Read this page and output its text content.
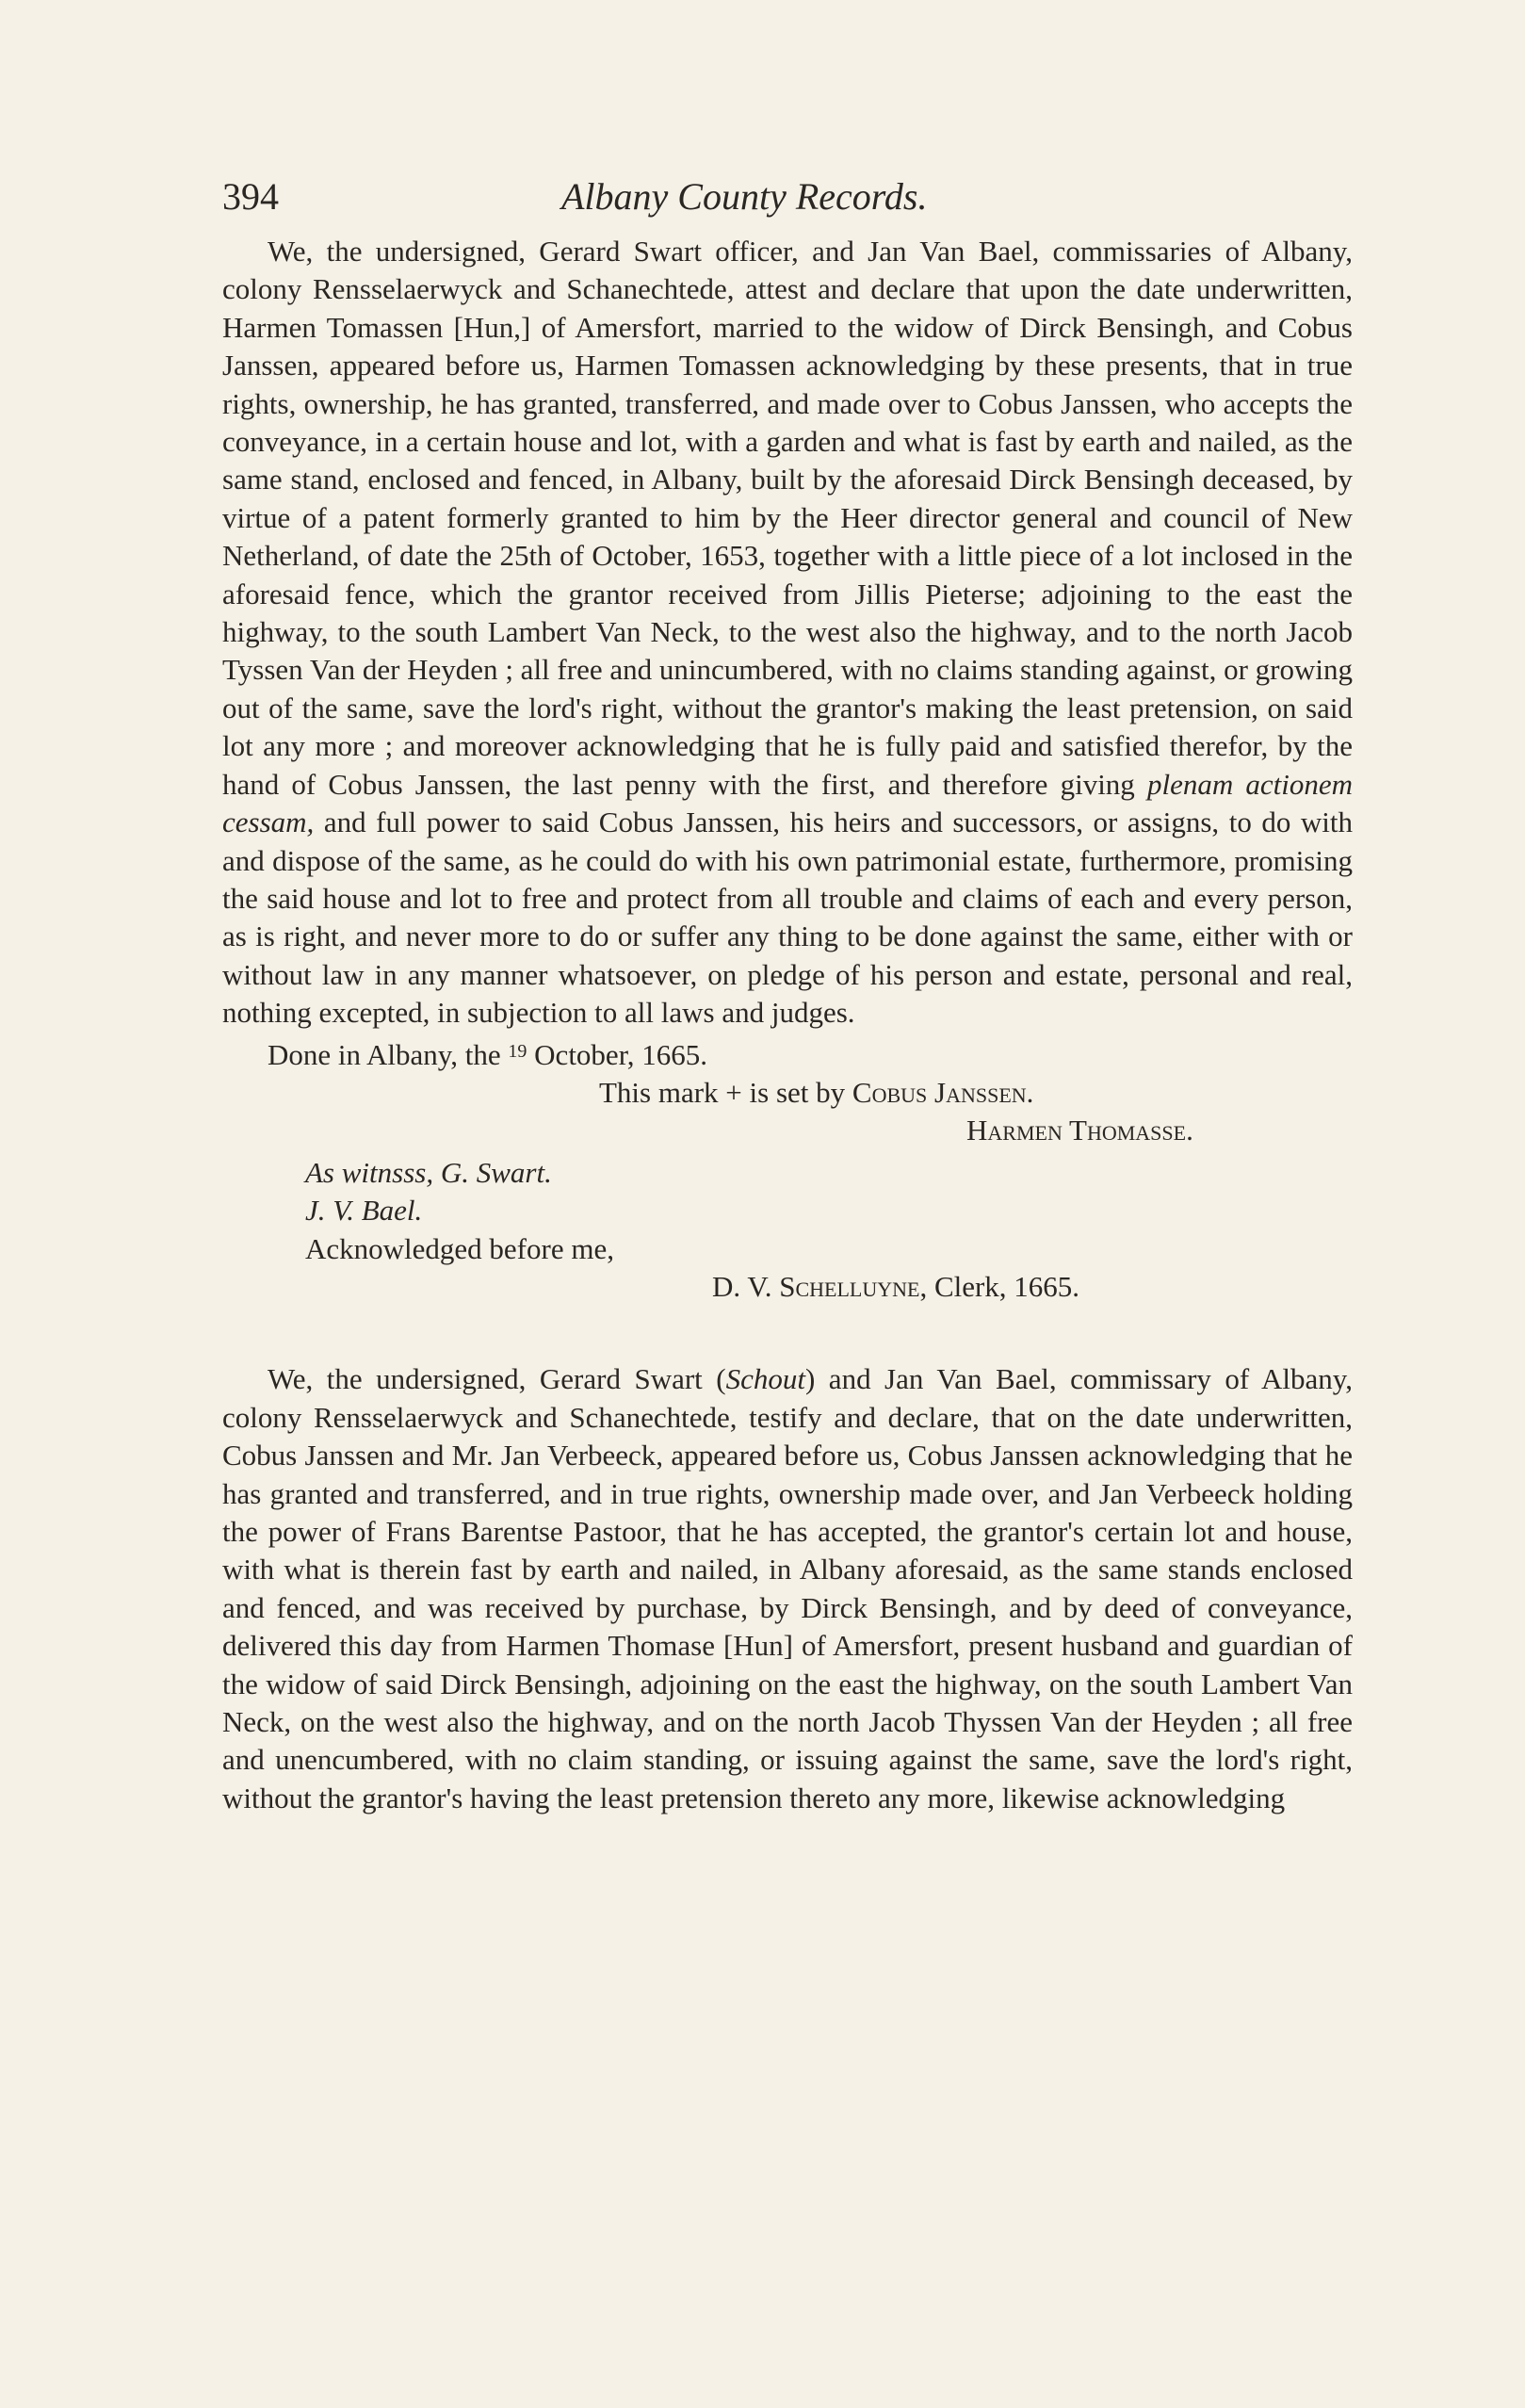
394	Albany County Records.

We, the undersigned, Gerard Swart officer, and Jan Van Bael, commissaries of Albany, colony Rensselaerwyck and Schanechtede, attest and declare that upon the date underwritten, Harmen Tomassen [Hun,] of Amersfort, married to the widow of Dirck Bensingh, and Cobus Janssen, appeared before us, Harmen Tomassen acknowledging by these presents, that in true rights, ownership, he has granted, transferred, and made over to Cobus Janssen, who accepts the conveyance, in a certain house and lot, with a garden and what is fast by earth and nailed, as the same stand, enclosed and fenced, in Albany, built by the aforesaid Dirck Bensingh deceased, by virtue of a patent formerly granted to him by the Heer director general and council of New Netherland, of date the 25th of October, 1653, together with a little piece of a lot inclosed in the aforesaid fence, which the grantor received from Jillis Pieterse; adjoining to the east the highway, to the south Lambert Van Neck, to the west also the highway, and to the north Jacob Tyssen Van der Heyden ; all free and unincumbered, with no claims standing against, or growing out of the same, save the lord's right, without the grantor's making the least pretension, on said lot any more ; and moreover acknowledging that he is fully paid and satisfied therefor, by the hand of Cobus Janssen, the last penny with the first, and therefore giving plenam actionem cessam, and full power to said Cobus Janssen, his heirs and successors, or assigns, to do with and dispose of the same, as he could do with his own patrimonial estate, furthermore, promising the said house and lot to free and protect from all trouble and claims of each and every person, as is right, and never more to do or suffer any thing to be done against the same, either with or without law in any manner whatsoever, on pledge of his person and estate, personal and real, nothing excepted, in subjection to all laws and judges.

Done in Albany, the $^{19}$ October, 1665.
This mark + is set by Cobus Janssen.
Harmen Thomasse.
As witnsss, G. Swart.
J. V. Bael.
Acknowledged before me,
D. V. Schelluyne, Clerk, 1665.

We, the undersigned, Gerard Swart (Schout) and Jan Van Bael, commissary of Albany, colony Rensselaerwyck and Schanechtede, testify and declare, that on the date underwritten, Cobus Janssen and Mr. Jan Verbeeck, appeared before us, Cobus Janssen acknowledging that he has granted and transferred, and in true rights, ownership made over, and Jan Verbeeck holding the power of Frans Barentse Pastoor, that he has accepted, the grantor's certain lot and house, with what is therein fast by earth and nailed, in Albany aforesaid, as the same stands enclosed and fenced, and was received by purchase, by Dirck Bensingh, and by deed of conveyance, delivered this day from Harmen Thomase [Hun] of Amersfort, present husband and guardian of the widow of said Dirck Bensingh, adjoining on the east the highway, on the south Lambert Van Neck, on the west also the highway, and on the north Jacob Thyssen Van der Heyden ; all free and unencumbered, with no claim standing, or issuing against the same, save the lord's right, without the grantor's having the least pretension thereto any more, likewise acknowledging
